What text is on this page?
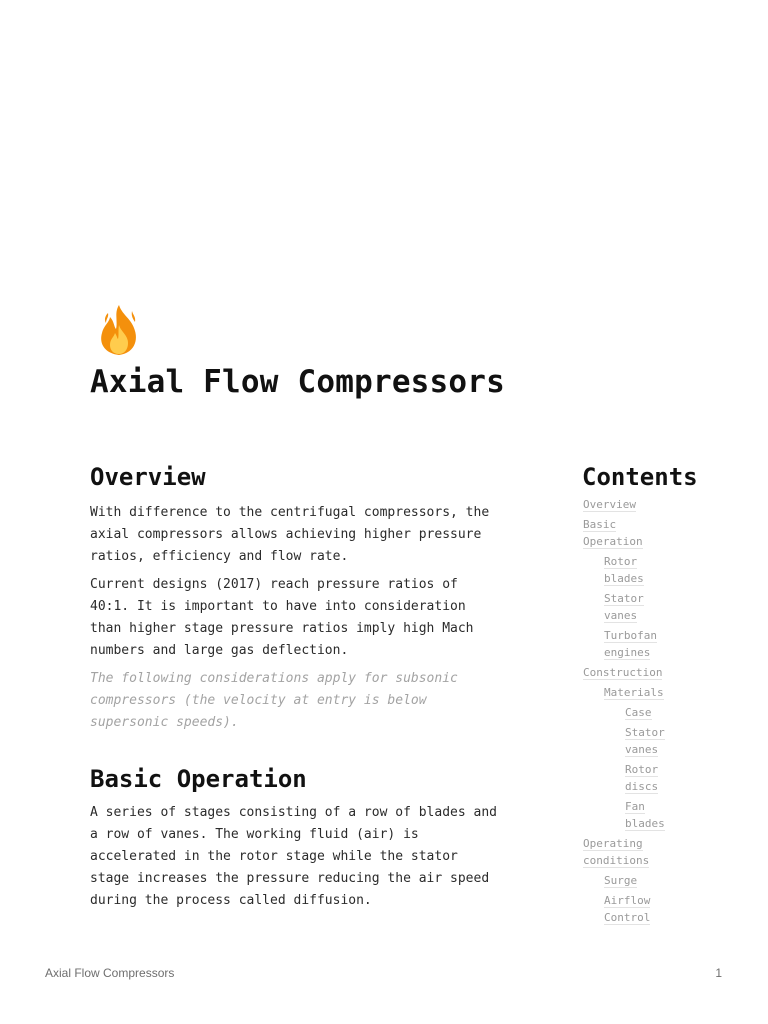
Axial Flow Compressors
Overview

With difference to the centrifugal compressors, the
axial compressors allows achieving higher pressure
ratios, efficiency and flow rate.

Current designs (2017) reach pressure ratios of
40:1. It is important to have into consideration
than higher stage pressure ratios imply high Mach
numbers and large gas deflection.

The following considerations apply for subsonic
compressors (the velocity at entry is below
supersonic speeds).

Basic Operation

A series of stages consisting of a row of blades and
a row of vanes. The working fluid (air) is
accelerated in the rotor stage while the stator
stage increases the pressure reducing the air speed
during the process called diffusion.

Contents
Overview
Basic
Operation
Rotor
blades
Stator
vanes
Turbofan
engines
Construction
Materials
Case
Stator
vanes
Rotor
discs
Fan
blades
Operating
conditions
Surge
Airflow
Control
Axial Flow Compressors	1
